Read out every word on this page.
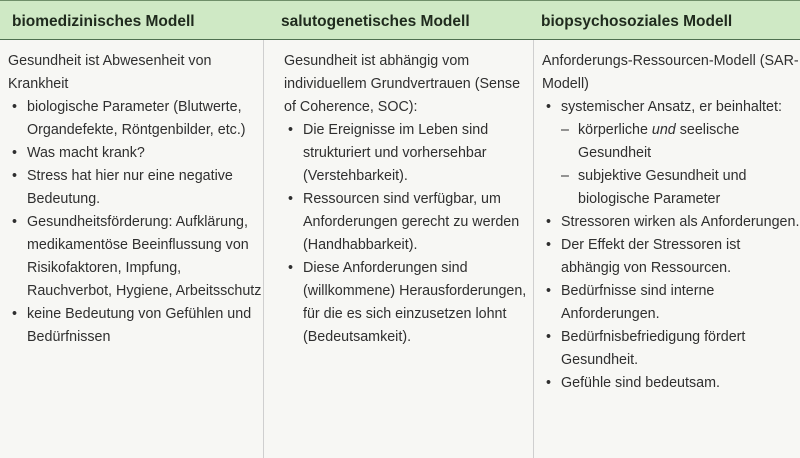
biomedizinisches Modell	salutogenetisches Modell	biopsychosoziales Modell

Gesundheit ist Abwesenheit von Krankheit

• biologische Parameter (Blutwerte, Organdefekte, Röntgenbilder, etc.)
• Was macht krank?
• Stress hat hier nur eine negative Bedeutung.
• Gesundheitsförderung: Aufklärung, medikamentöse Beeinflussung von Risikofaktoren, Impfung, Rauchverbot, Hygiene, Arbeitsschutz
• keine Bedeutung von Gefühlen und Bedürfnissen

Gesundheit ist abhängig vom individuellem Grundvertrauen (Sense of Coherence, SOC):

• Die Ereignisse im Leben sind strukturiert und vorhersehbar (Verstehbarkeit).
• Ressourcen sind verfügbar, um Anforderungen gerecht zu werden (Handhabbarkeit).
• Diese Anforderungen sind (willkommene) Herausforderungen, für die es sich einzusetzen lohnt (Bedeutsamkeit).

Anforderungs-Ressourcen-Modell (SAR-Modell)

• systemischer Ansatz, er beinhaltet:
– körperliche und seelische Gesundheit
– subjektive Gesundheit und biologische Parameter
• Stressoren wirken als Anforderungen.
• Der Effekt der Stressoren ist abhängig von Ressourcen.
• Bedürfnisse sind interne Anforderungen.
• Bedürfnisbefriedigung fördert Gesundheit.
• Gefühle sind bedeutsam.
